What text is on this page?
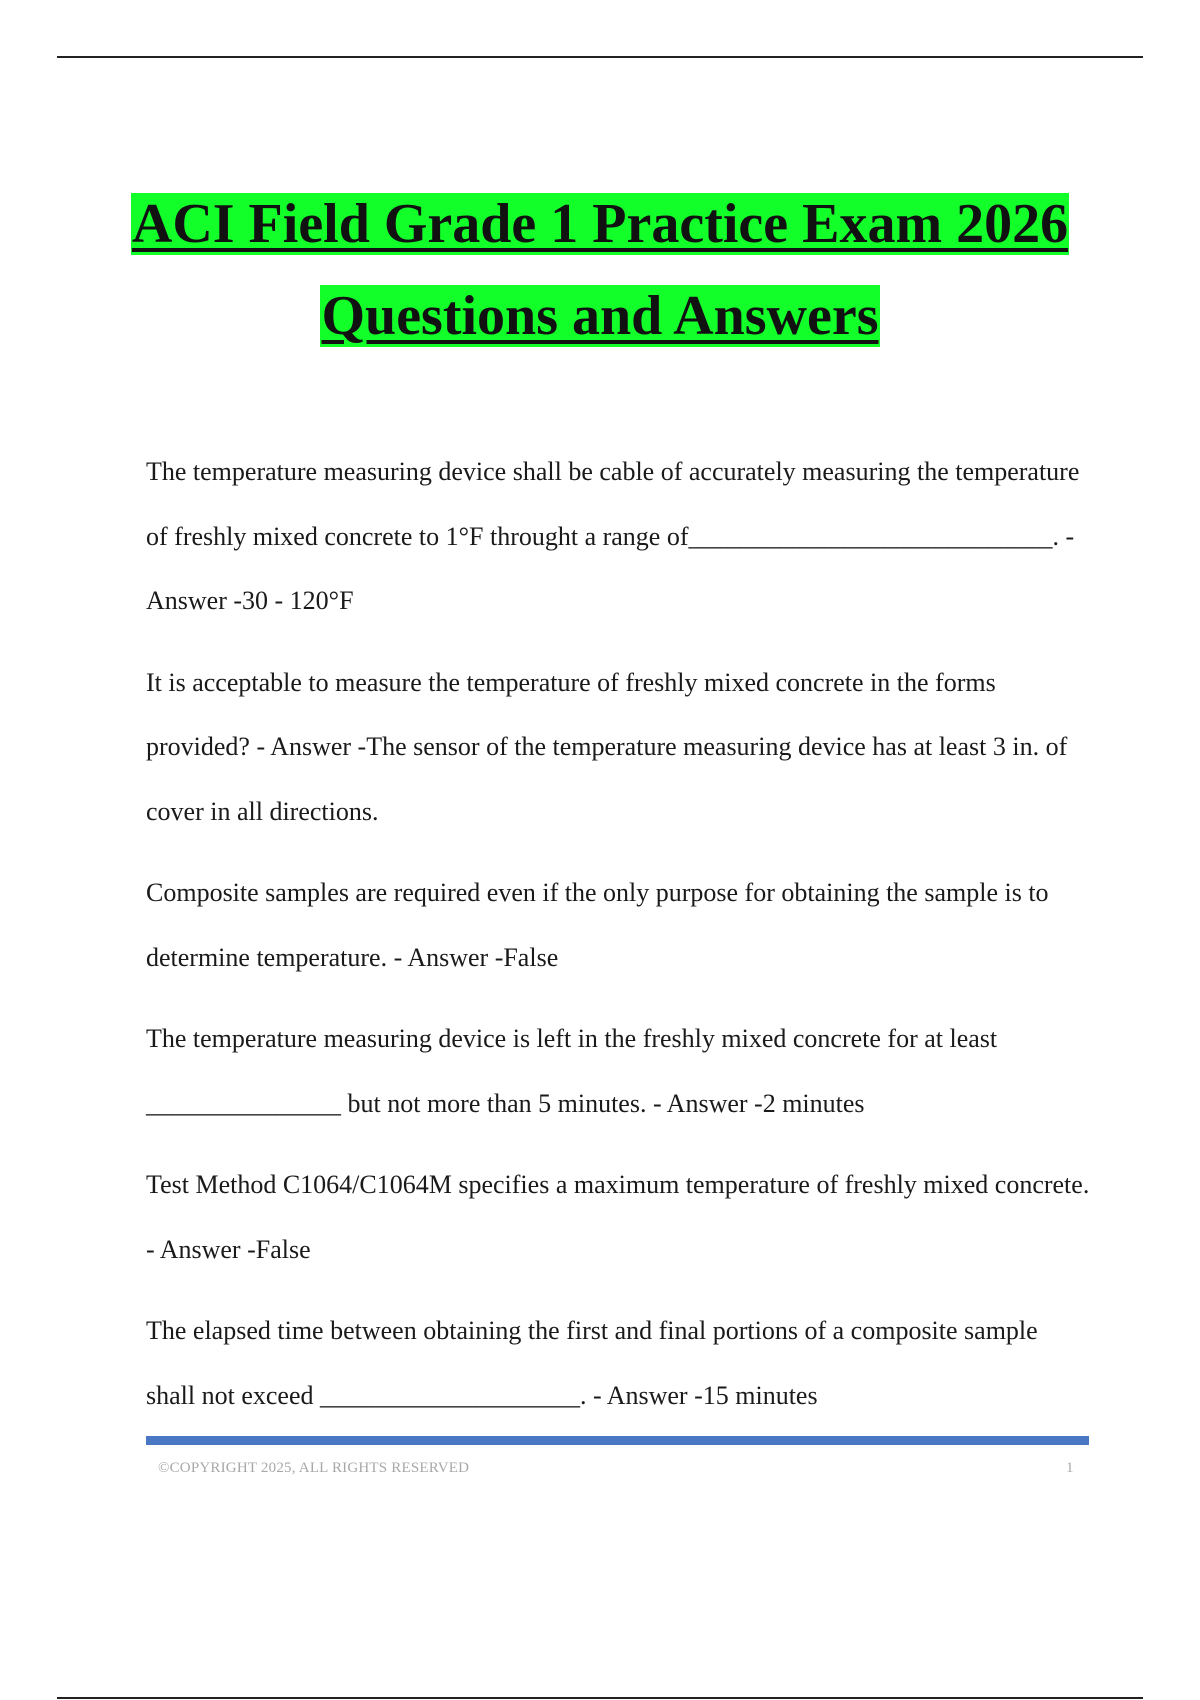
ACI Field Grade 1 Practice Exam 2026
Questions and Answers

The temperature measuring device shall be cable of accurately measuring the temperature of freshly mixed concrete to 1°F throught a range of____________________________. - Answer -30 - 120°F

It is acceptable to measure the temperature of freshly mixed concrete in the forms provided? - Answer -The sensor of the temperature measuring device has at least 3 in. of cover in all directions.

Composite samples are required even if the only purpose for obtaining the sample is to determine temperature. - Answer -False

The temperature measuring device is left in the freshly mixed concrete for at least _______________ but not more than 5 minutes. - Answer -2 minutes

Test Method C1064/C1064M specifies a maximum temperature of freshly mixed concrete. - Answer -False

The elapsed time between obtaining the first and final portions of a composite sample shall not exceed ____________________. - Answer -15 minutes

©COPYRIGHT 2025, ALL RIGHTS RESERVED	1
